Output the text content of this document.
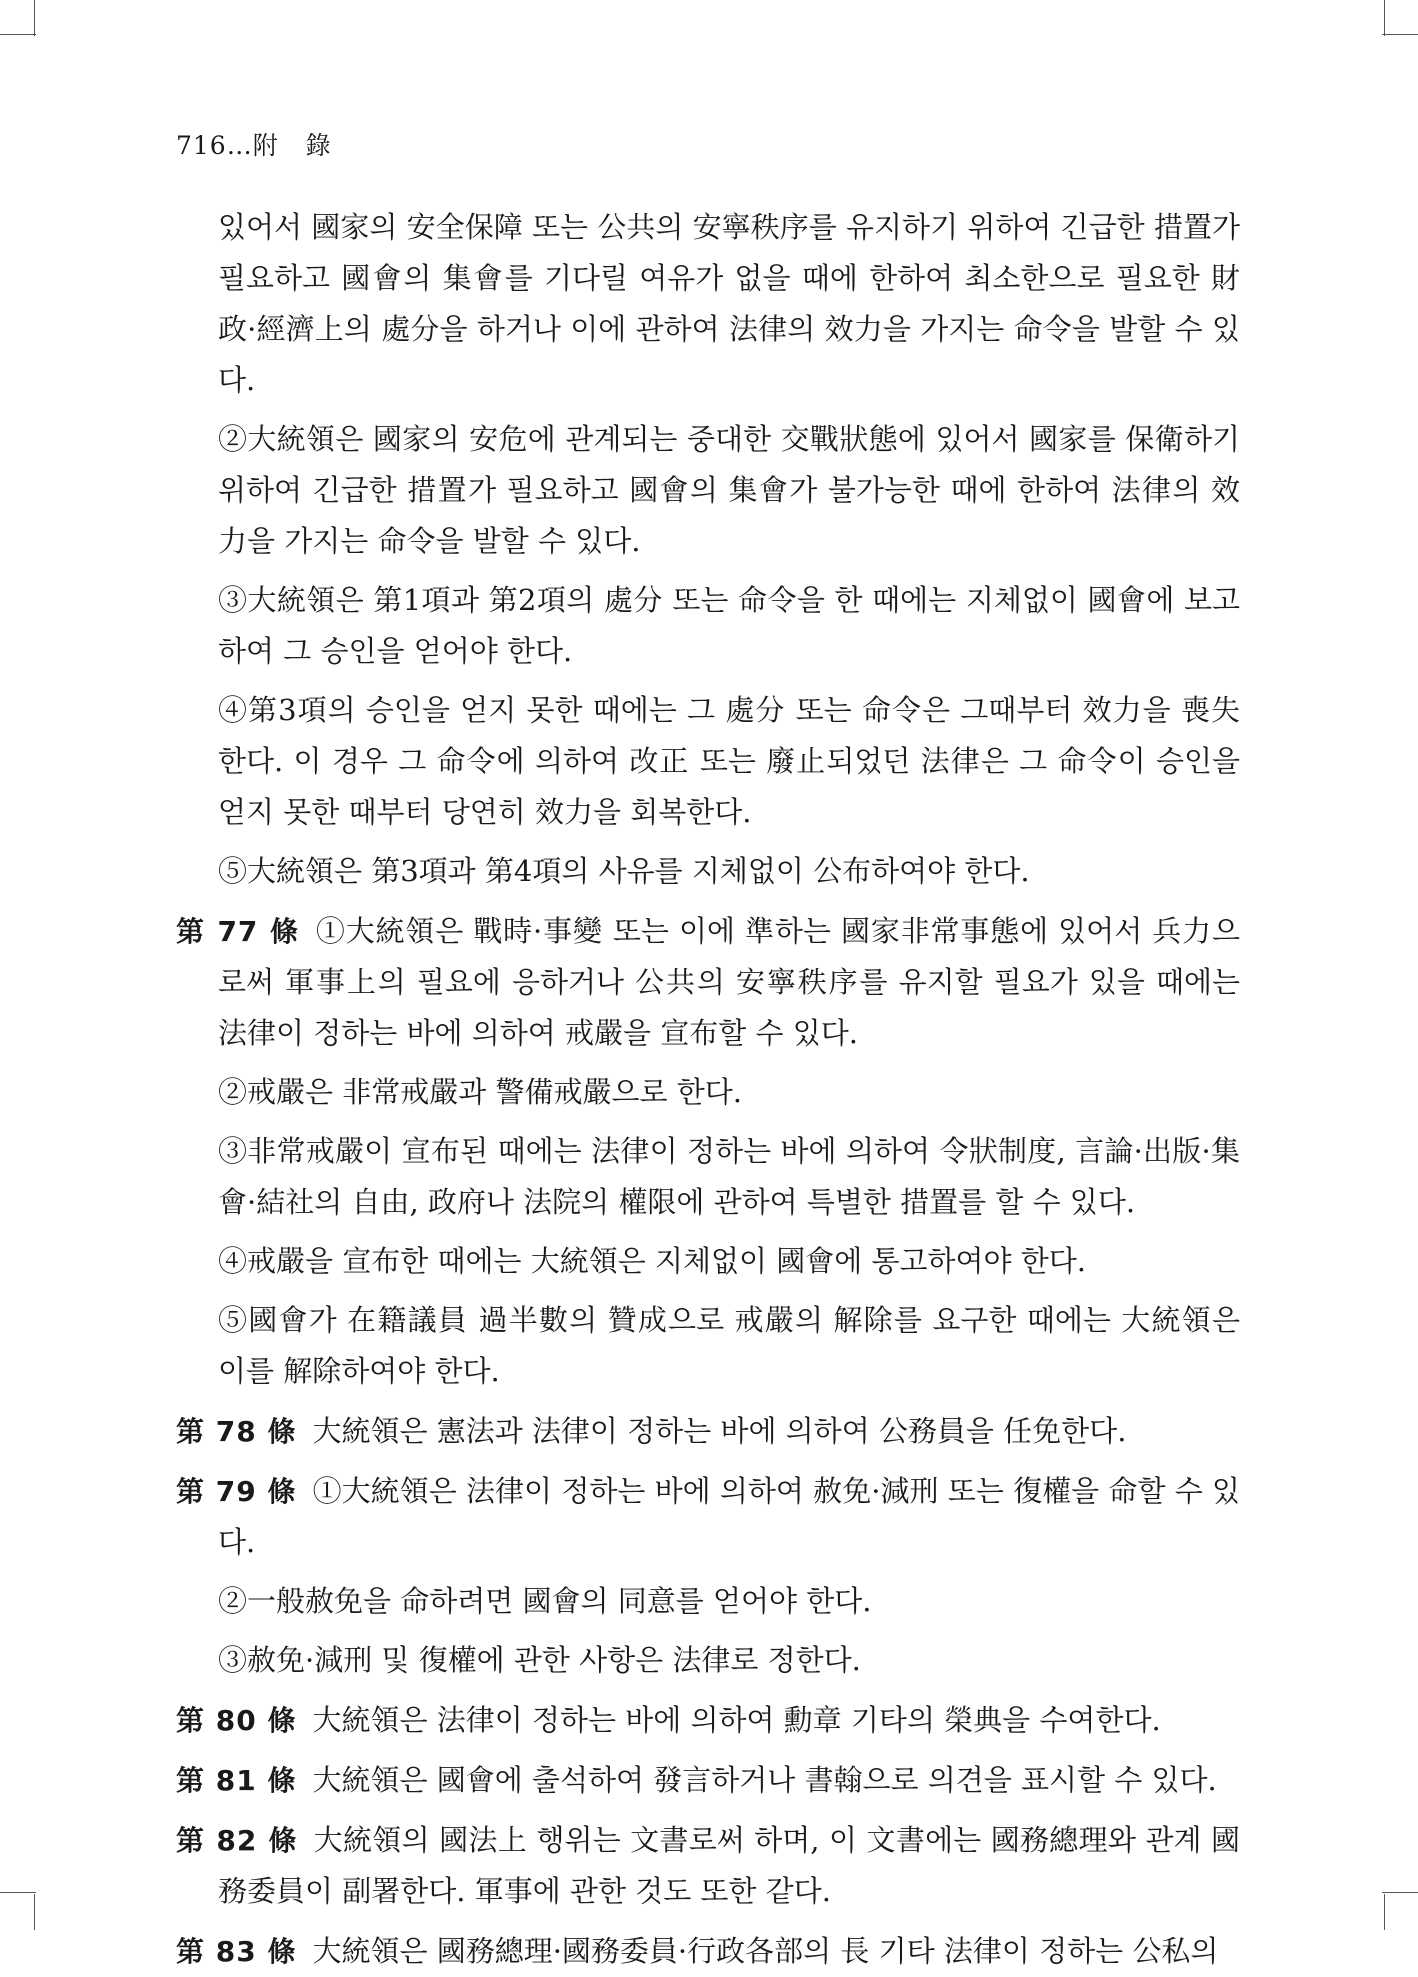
716…附 錄

있어서 國家의 安全保障 또는 公共의 安寧秩序를 유지하기 위하여 긴급한 措置가 필요하고 國會의 集會를 기다릴 여유가 없을 때에 한하여 최소한으로 필요한 財政·經濟上의 處分을 하거나 이에 관하여 法律의 效力을 가지는 命令을 발할 수 있다.

②大統領은 國家의 安危에 관계되는 중대한 交戰狀態에 있어서 國家를 保衛하기 위하여 긴급한 措置가 필요하고 國會의 集會가 불가능한 때에 한하여 法律의 效力을 가지는 命令을 발할 수 있다.

③大統領은 第1項과 第2項의 處分 또는 命令을 한 때에는 지체없이 國會에 보고하여 그 승인을 얻어야 한다.

④第3項의 승인을 얻지 못한 때에는 그 處分 또는 命令은 그때부터 效力을 喪失한다. 이 경우 그 命令에 의하여 改正 또는 廢止되었던 法律은 그 命令이 승인을 얻지 못한 때부터 당연히 效力을 회복한다.

⑤大統領은 第3項과 第4項의 사유를 지체없이 公布하여야 한다.

第 77 條 ①大統領은 戰時·事變 또는 이에 準하는 國家非常事態에 있어서 兵力으로써 軍事上의 필요에 응하거나 公共의 安寧秩序를 유지할 필요가 있을 때에는 法律이 정하는 바에 의하여 戒嚴을 宣布할 수 있다.

②戒嚴은 非常戒嚴과 警備戒嚴으로 한다.

③非常戒嚴이 宣布된 때에는 法律이 정하는 바에 의하여 令狀制度, 言論·出版·集會·結社의 自由, 政府나 法院의 權限에 관하여 특별한 措置를 할 수 있다.

④戒嚴을 宣布한 때에는 大統領은 지체없이 國會에 통고하여야 한다.

⑤國會가 在籍議員 過半數의 贊成으로 戒嚴의 解除를 요구한 때에는 大統領은 이를 解除하여야 한다.

第 78 條 大統領은 憲法과 法律이 정하는 바에 의하여 公務員을 任免한다.

第 79 條 ①大統領은 法律이 정하는 바에 의하여 赦免·減刑 또는 復權을 命할 수 있다.

②一般赦免을 命하려면 國會의 同意를 얻어야 한다.

③赦免·減刑 및 復權에 관한 사항은 法律로 정한다.

第 80 條 大統領은 法律이 정하는 바에 의하여 勳章 기타의 榮典을 수여한다.

第 81 條 大統領은 國會에 출석하여 發言하거나 書翰으로 의견을 표시할 수 있다.

第 82 條 大統領의 國法上 행위는 文書로써 하며, 이 文書에는 國務總理와 관계 國務委員이 副署한다. 軍事에 관한 것도 또한 같다.

第 83 條 大統領은 國務總理·國務委員·行政各部의 長 기타 法律이 정하는 公私의
